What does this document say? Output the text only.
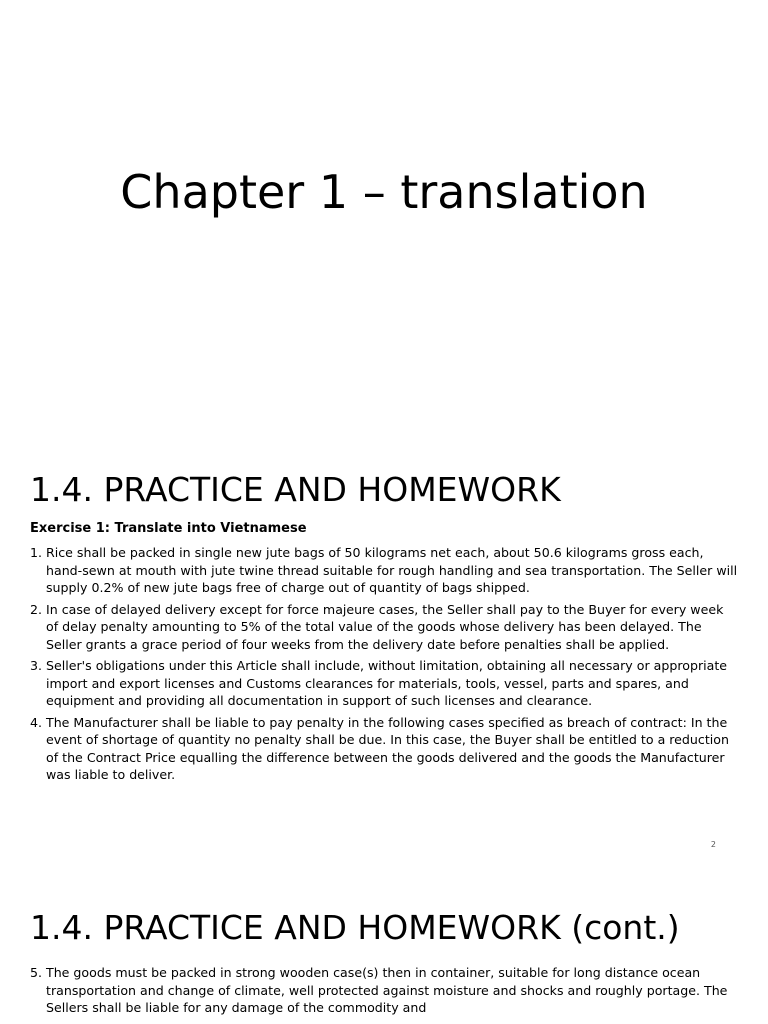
Chapter 1 – translation
1.4. PRACTICE AND HOMEWORK

Exercise 1: Translate into Vietnamese

1. Rice shall be packed in single new jute bags of 50 kilograms net each, about 50.6 kilograms gross each, hand-sewn at mouth with jute twine thread suitable for rough handling and sea transportation. The Seller will supply 0.2% of new jute bags free of charge out of quantity of bags shipped.
2. In case of delayed delivery except for force majeure cases, the Seller shall pay to the Buyer for every week of delay penalty amounting to 5% of the total value of the goods whose delivery has been delayed. The Seller grants a grace period of four weeks from the delivery date before penalties shall be applied.
3. Seller's obligations under this Article shall include, without limitation, obtaining all necessary or appropriate import and export licenses and Customs clearances for materials, tools, vessel, parts and spares, and equipment and providing all documentation in support of such licenses and clearance.
4. The Manufacturer shall be liable to pay penalty in the following cases specified as breach of contract: In the event of shortage of quantity no penalty shall be due. In this case, the Buyer shall be entitled to a reduction of the Contract Price equalling the difference between the goods delivered and the goods the Manufacturer was liable to deliver.

2

1.4. PRACTICE AND HOMEWORK (cont.)
5. The goods must be packed in strong wooden case(s) then in container, suitable for long distance ocean transportation and change of climate, well protected against moisture and shocks and roughly portage. The Sellers shall be liable for any damage of the commodity and
